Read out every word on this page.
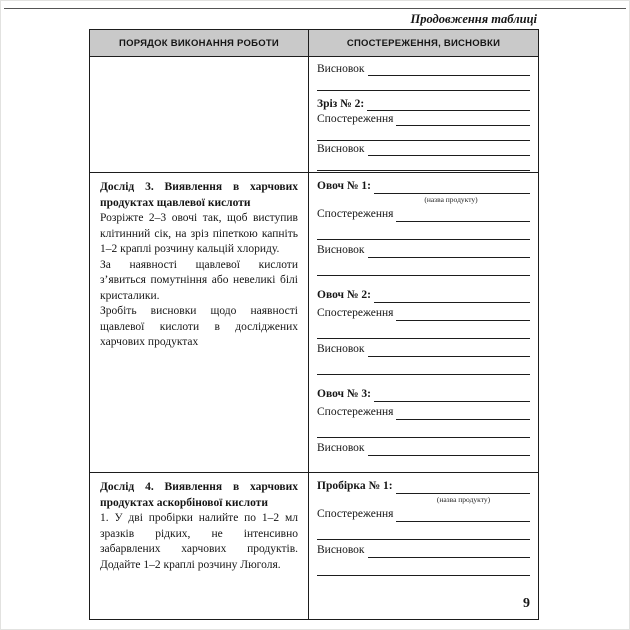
Продовження таблиці
ПОРЯДОК ВИКОНАННЯ РОБОТИ	СПОСТЕРЕЖЕННЯ, ВИСНОВКИ
Висновок
Зріз № 2:
Спостереження
Висновок

Дослід 3. Виявлення в харчових продуктах щавлевої кислоти

Розріжте 2–3 овочі так, щоб виступив клітинний сік, на зріз піпеткою капніть 1–2 краплі розчину кальцій хлориду.

За наявності щавлевої кислоти з’явиться помутніння або невеликі білі кристалики.

Зробіть висновки щодо наявності щавлевої кислоти в досліджених харчових продуктах

Овоч № 1:
(назва продукту)
Спостереження
Висновок
Овоч № 2:
Спостереження
Висновок
Овоч № 3:
Спостереження
Висновок

Дослід 4. Виявлення в харчових продуктах аскорбінової кислоти

1. У дві пробірки налийте по 1–2 мл зразків рідких, не інтенсивно забарвлених харчових продуктів. Додайте 1–2 краплі розчину Люголя.

Пробірка № 1:
(назва продукту)
Спостереження
Висновок
9
